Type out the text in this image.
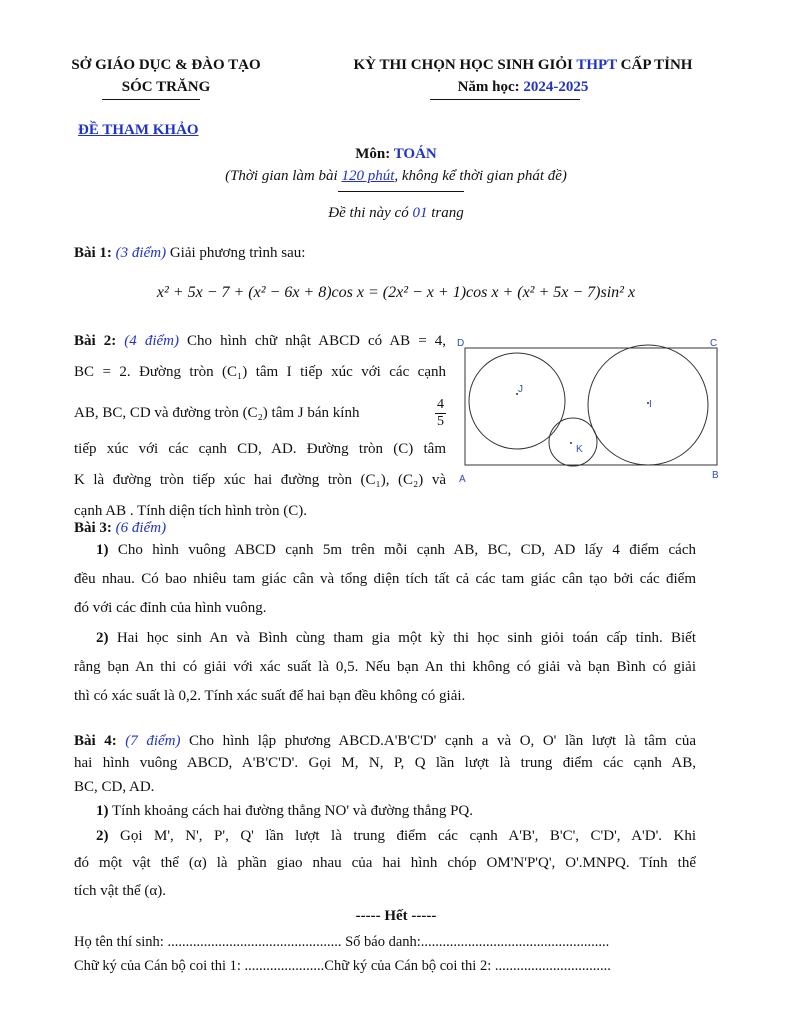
SỞ GIÁO DỤC & ĐÀO TẠO
SÓC TRĂNG
KỲ THI CHỌN HỌC SINH GIỎI THPT CẤP TỈNH
Năm học: 2024-2025
ĐỀ THAM KHẢO
Môn: TOÁN
(Thời gian làm bài 120 phút, không kể thời gian phát đề)
Đề thi này có 01 trang
Bài 1: (3 điểm) Giải phương trình sau:
x² + 5x − 7 + (x² − 6x + 8)cos x = (2x² − x + 1)cos x + (x² + 5x − 7)sin² x
Bài 2: (4 điểm) Cho hình chữ nhật ABCD có AB = 4,
BC = 2. Đường tròn (C₁) tâm I tiếp xúc với các cạnh
AB, BC, CD và đường tròn (C₂) tâm J bán kính	$\frac{4}{5}$
tiếp xúc với các cạnh CD, AD. Đường tròn (C) tâm
K là đường tròn tiếp xúc hai đường tròn (C₁), (C₂) và
cạnh AB . Tính diện tích hình tròn (C).
D	C
A	B
J
I
K
Bài 3: (6 điểm)
1) Cho hình vuông ABCD cạnh 5m trên mỗi cạnh AB, BC, CD, AD lấy 4 điểm cách
đều nhau. Có bao nhiêu tam giác cân và tổng diện tích tất cả các tam giác cân tạo bởi các điểm
đó với các đỉnh của hình vuông.
2) Hai học sinh An và Bình cùng tham gia một kỳ thi học sinh giỏi toán cấp tỉnh. Biết
rằng bạn An thi có giải với xác suất là 0,5. Nếu bạn An thi không có giải và bạn Bình có giải
thì có xác suất là 0,2. Tính xác suất để hai bạn đều không có giải.
Bài 4: (7 điểm) Cho hình lập phương ABCD.A'B'C'D' cạnh a và O, O' lần lượt là tâm của
hai hình vuông ABCD, A'B'C'D'. Gọi M, N, P, Q lần lượt là trung điểm các cạnh AB,
BC, CD, AD.
1) Tính khoảng cách hai đường thẳng NO' và đường thẳng PQ.
2) Gọi M', N', P', Q' lần lượt là trung điểm các cạnh A'B', B'C', C'D', A'D'. Khi
đó một vật thể (α) là phần giao nhau của hai hình chóp OM'N'P'Q', O'.MNPQ. Tính thể
tích vật thể (α).
----- Hết -----
Họ tên thí sinh: ................................................ Số báo danh:....................................................
Chữ ký của Cán bộ coi thi 1: ......................Chữ ký của Cán bộ coi thi 2: ................................
